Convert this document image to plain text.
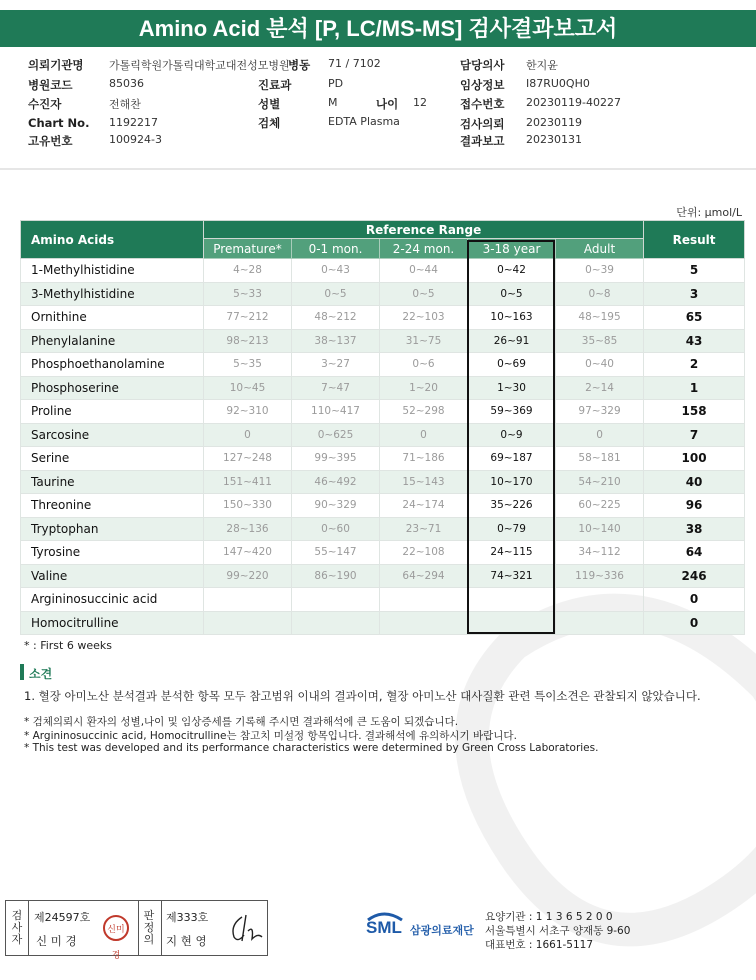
Amino Acid 분석 [P, LC/MS-MS] 검사결과보고서
의뢰기관명 가톨릭학원가톨릭대학교대전성모병원
병동 71 / 7102	담당의사 한지윤
병원코드	85036	진료과	PD	임상정보 I87RU0QH0
수진자	전해찬	성별	M	나이 12	접수번호 20230119-40227
Chart No. 1192217	검체	EDTA Plasma	검사의뢰 20230119
고유번호	100924-3	결과보고 20230131
단위: μmol/L
Amino Acids	Reference Range					Result
	Premature*	0-1 mon.	2-24 mon.	3-18 year	Adult	
1-Methylhistidine	4~28	0~43	0~44	0~42	0~39	5
3-Methylhistidine	5~33	0~5	0~5	0~5	0~8	3
Ornithine	77~212	48~212	22~103	10~163	48~195	65
Phenylalanine	98~213	38~137	31~75	26~91	35~85	43
Phosphoethanolamine	5~35	3~27	0~6	0~69	0~40	2
Phosphoserine	10~45	7~47	1~20	1~30	2~14	1
Proline	92~310	110~417	52~298	59~369	97~329	158
Sarcosine	0	0~625	0	0~9	0	7
Serine	127~248	99~395	71~186	69~187	58~181	100
Taurine	151~411	46~492	15~143	10~170	54~210	40
Threonine	150~330	90~329	24~174	35~226	60~225	96
Tryptophan	28~136	0~60	23~71	0~79	10~140	38
Tyrosine	147~420	55~147	22~108	24~115	34~112	64
Valine	99~220	86~190	64~294	74~321	119~336	246
Argininosuccinic acid						0
Homocitrulline						0
* : First 6 weeks
소견
1. 혈장 아미노산 분석결과 분석한 항목 모두 참고범위 이내의 결과이며, 혈장 아미노산 대사질환 관련 특이소견은 관찰되지 않았습니다.
* 검체의뢰시 환자의 성별,나이 및 임상증세를 기록해 주시면 결과해석에 큰 도움이 되겠습니다.
* Argininosuccinic acid, Homocitrulline는 참고치 미설정 항목입니다. 결과해석에 유의하시기 바랍니다.
* This test was developed and its performance characteristics were determined by Green Cross Laboratories.
검사자
제24597호
신 미 경
신미경
판정의
제333호
지 현 영
SML 삼광의료재단
요양기관 : 1 1 3 6 5 2 0 0
서울특별시 서초구 양재동 9-60
대표번호 : 1661-5117
